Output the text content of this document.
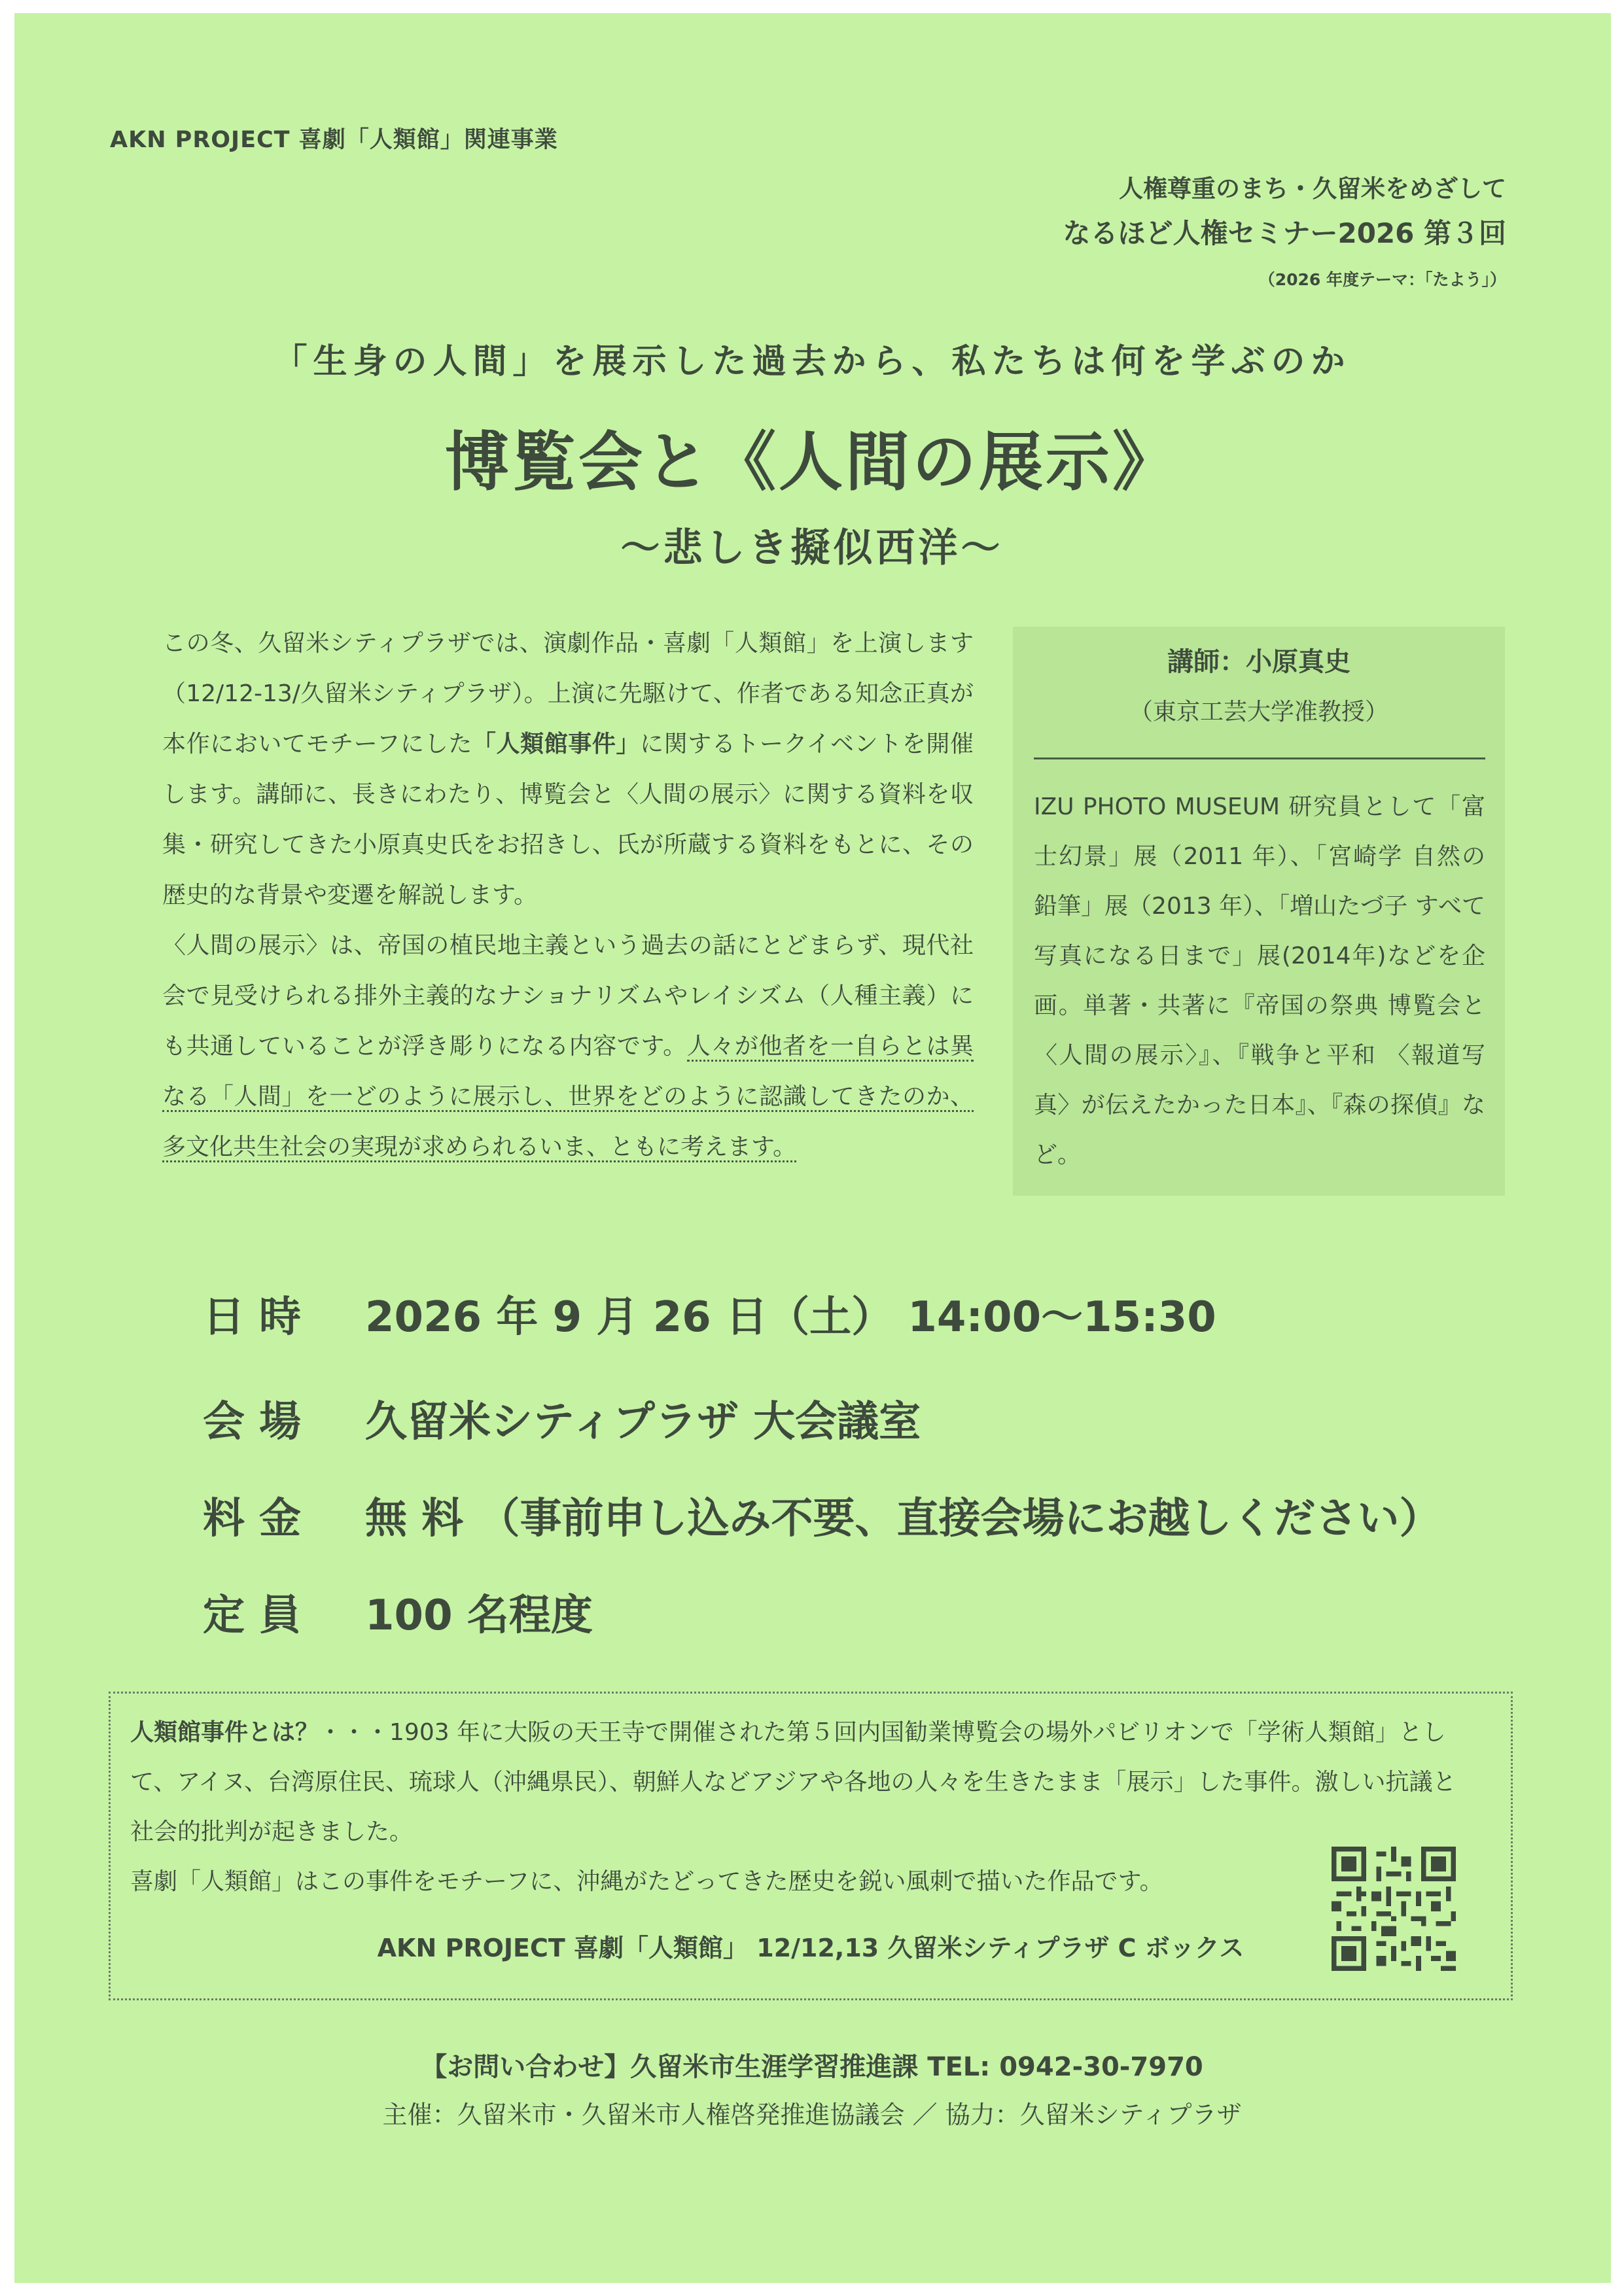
AKN PROJECT 喜劇「人類館」関連事業
人権尊重のまち・久留米をめざして
なるほど人権セミナー2026 第３回
（2026 年度テーマ：「たよう」）
「生身の人間」を展示した過去から、私たちは何を学ぶのか
博覧会と《人間の展示》
～悲しき擬似西洋～

この冬、久留米シティプラザでは、演劇作品・喜劇「人類館」を上演します（12/12-13/久留米シティプラザ）。上演に先駆けて、作者である知念正真が本作においてモチーフにした「人類館事件」に関するトークイベントを開催します。講師に、長きにわたり、博覧会と〈人間の展示〉に関する資料を収集・研究してきた小原真史氏をお招きし、氏が所蔵する資料をもとに、その歴史的な背景や変遷を解説します。

〈人間の展示〉は、帝国の植民地主義という過去の話にとどまらず、現代社会で見受けられる排外主義的なナショナリズムやレイシズム（人種主義）にも共通していることが浮き彫りになる内容です。人々が他者を一自らとは異なる「人間」を一どのように展示し、世界をどのように認識してきたのか、多文化共生社会の実現が求められるいま、ともに考えます。

講師：小原真史
（東京工芸大学准教授）
IZU PHOTO MUSEUM 研究員として「富士幻景」展（2011 年）、「宮崎学 自然の鉛筆」展（2013 年）、「増山たづ子 すべて写真になる日まで」展(2014年)などを企画。単著・共著に『帝国の祭典 博覧会と〈人間の展示〉』、『戦争と平和 〈報道写真〉が伝えたかった日本』、『森の探偵』など。
日時 2026 年 9 月 26 日（土） 14:00～15:30
会場 久留米シティプラザ 大会議室
料金 無 料 （事前申し込み不要、直接会場にお越しください）
定員 100 名程度

人類館事件とは？・・・1903 年に大阪の天王寺で開催された第５回内国勧業博覧会の場外パビリオンで「学術人類館」として、アイヌ、台湾原住民、琉球人（沖縄県民）、朝鮮人などアジアや各地の人々を生きたまま「展示」した事件。激しい抗議と社会的批判が起きました。

喜劇「人類館」はこの事件をモチーフに、沖縄がたどってきた歴史を鋭い風刺で描いた作品です。

AKN PROJECT 喜劇「人類館」 12/12,13 久留米シティプラザ C ボックス
【お問い合わせ】久留米市生涯学習推進課 TEL: 0942-30-7970
主催：久留米市・久留米市人権啓発推進協議会 ／ 協力：久留米シティプラザ
